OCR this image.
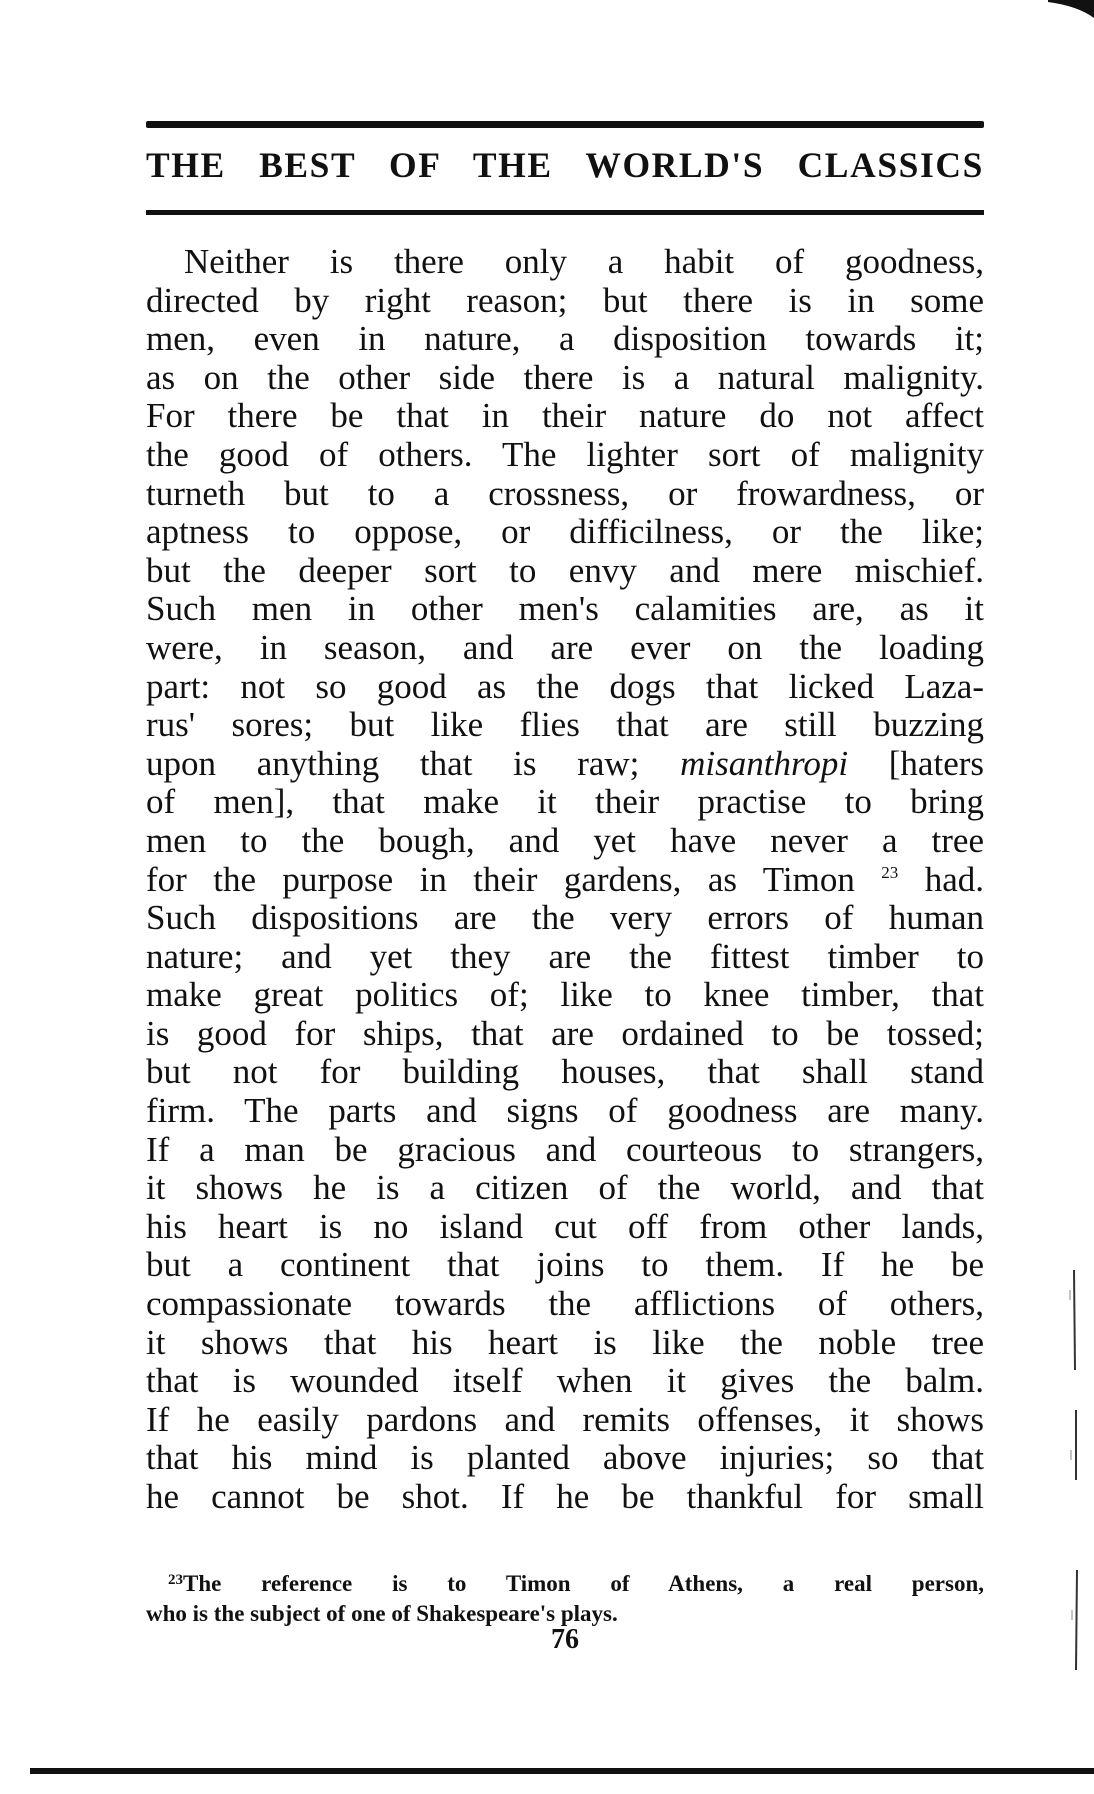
THE BEST OF THE WORLD'S CLASSICS
Neither is there only a habit of goodness,
directed by right reason; but there is in some
men, even in nature, a disposition towards it;
as on the other side there is a natural malignity.
For there be that in their nature do not affect
the good of others. The lighter sort of malignity
turneth but to a crossness, or frowardness, or
aptness to oppose, or difficilness, or the like;
but the deeper sort to envy and mere mischief.
Such men in other men's calamities are, as it
were, in season, and are ever on the loading
part: not so good as the dogs that licked Laza-
rus' sores; but like flies that are still buzzing
upon anything that is raw; misanthropi [haters
of men], that make it their practise to bring
men to the bough, and yet have never a tree
for the purpose in their gardens, as Timon $^{23}$ had.
Such dispositions are the very errors of human
nature; and yet they are the fittest timber to
make great politics of; like to knee timber, that
is good for ships, that are ordained to be tossed;
but not for building houses, that shall stand
firm. The parts and signs of goodness are many.
If a man be gracious and courteous to strangers,
it shows he is a citizen of the world, and that
his heart is no island cut off from other lands,
but a continent that joins to them. If he be
compassionate towards the afflictions of others,
it shows that his heart is like the noble tree
that is wounded itself when it gives the balm.
If he easily pardons and remits offenses, it shows
that his mind is planted above injuries; so that
he cannot be shot. If he be thankful for small
$^{23}$The reference is to Timon of Athens, a real person,
who is the subject of one of Shakespeare's plays.
76
